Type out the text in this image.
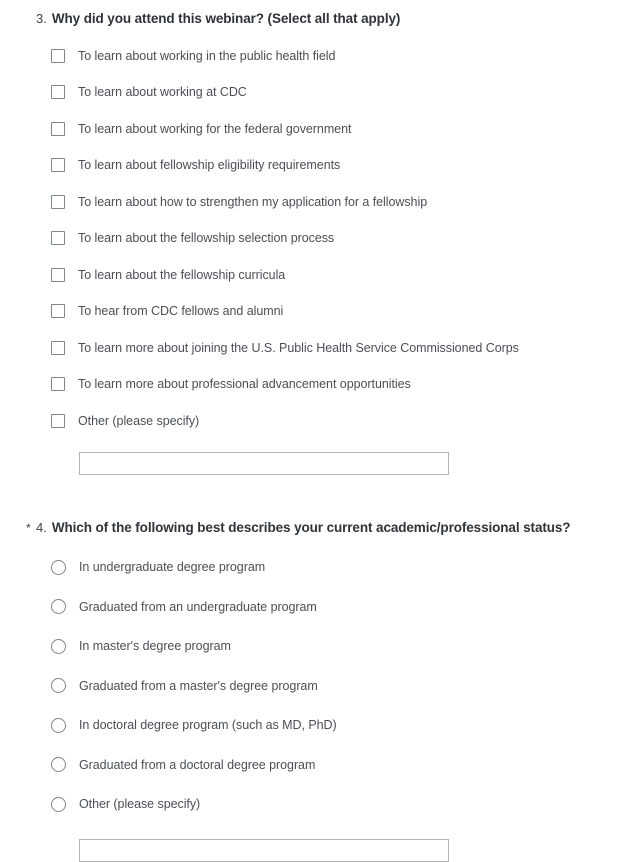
3. Why did you attend this webinar? (Select all that apply)
To learn about working in the public health field
To learn about working at CDC
To learn about working for the federal government
To learn about fellowship eligibility requirements
To learn about how to strengthen my application for a fellowship
To learn about the fellowship selection process
To learn about the fellowship curricula
To hear from CDC fellows and alumni
To learn more about joining the U.S. Public Health Service Commissioned Corps
To learn more about professional advancement opportunities
Other (please specify)
* 4. Which of the following best describes your current academic/professional status?
In undergraduate degree program
Graduated from an undergraduate program
In master's degree program
Graduated from a master's degree program
In doctoral degree program (such as MD, PhD)
Graduated from a doctoral degree program
Other (please specify)
